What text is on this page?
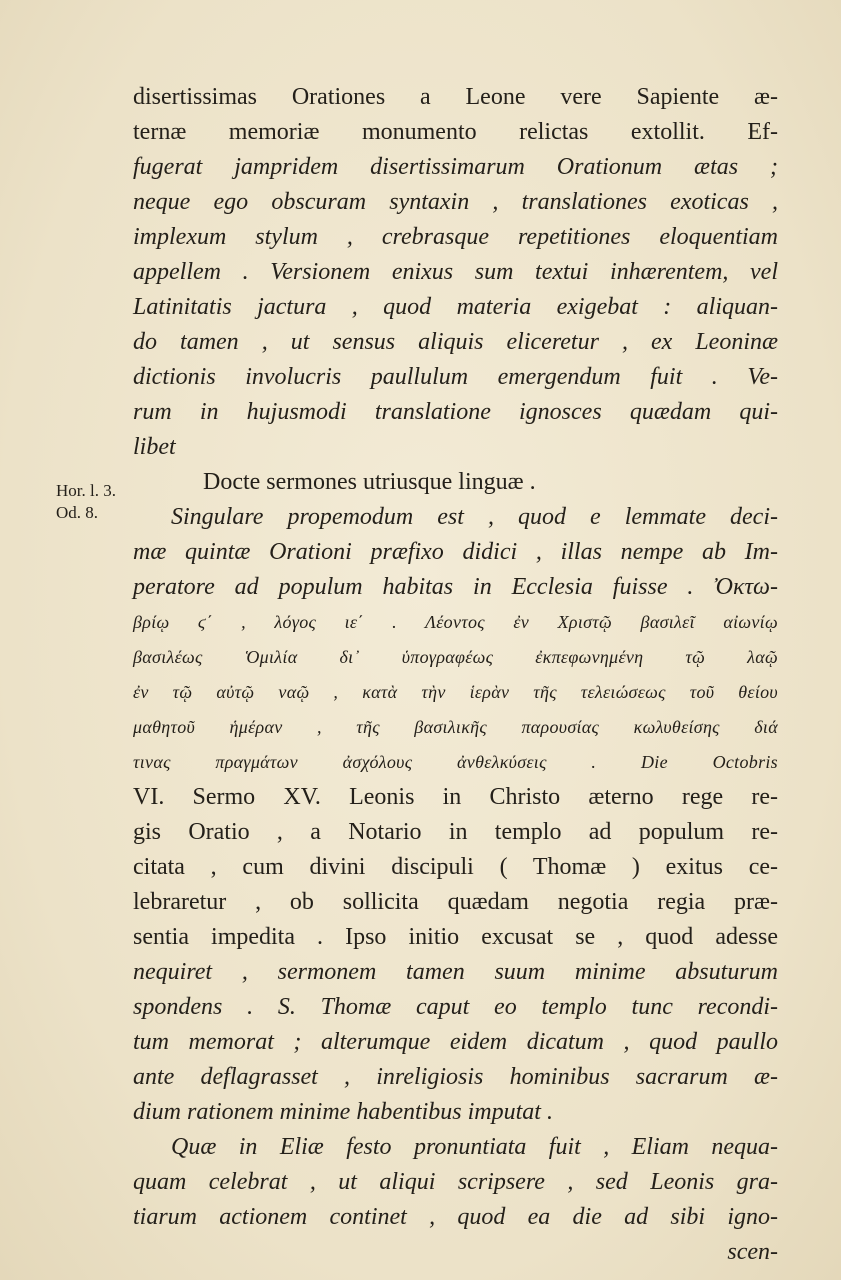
Hor. l. 3.
Od. 8.
disertissimas Orationes a Leone vere Sapiente æ-
ternæ memoriæ monumento relictas extollit. Ef-
fugerat jampridem disertissimarum Orationum ætas ;
neque ego obscuram syntaxin , translationes exoticas ,
implexum stylum , crebrasque repetitiones eloquentiam
appellem . Versionem enixus sum textui inhærentem, vel
Latinitatis jactura , quod materia exigebat : aliquan-
do tamen , ut sensus aliquis eliceretur , ex Leoninæ
dictionis involucris paullulum emergendum fuit . Ve-
rum in hujusmodi translatione ignosces quædam qui-
libet
Docte sermones utriusque linguæ .
Singulare propemodum est , quod e lemmate deci-
mæ quintæ Orationi præfixo didici , illas nempe ab Im-
peratore ad populum habitas in Ecclesia fuisse . Ὀκτω-
βρίῳ ϛ΄ , λόγος ιε΄ . Λέοντος ἐν Χριστῷ βασιλεῖ αἰωνίῳ
βασιλέως Ὁμιλία δι᾽ ὑπογραφέως ἐκπεφωνημένη τῷ λαῷ
ἐν τῷ αὐτῷ ναῷ , κατὰ τὴν ἱερὰν τῆς τελειώσεως τοῦ θείου
μαθητοῦ ἡμέραν , τῆς βασιλικῆς παρουσίας κωλυθείσης διά
τινας πραγμάτων ἀσχόλους ἀνθελκύσεις . Die Octobris
VI. Sermo XV. Leonis in Christo æterno rege re-
gis Oratio , a Notario in templo ad populum re-
citata , cum divini discipuli ( Thomæ ) exitus ce-
lebraretur , ob sollicita quædam negotia regia præ-
sentia impedita . Ipso initio excusat se , quod adesse
nequiret , sermonem tamen suum minime absuturum
spondens . S. Thomæ caput eo templo tunc recondi-
tum memorat ; alterumque eidem dicatum , quod paullo
ante deflagrasset , inreligiosis hominibus sacrarum æ-
dium rationem minime habentibus imputat .
Quæ in Eliæ festo pronuntiata fuit , Eliam nequa-
quam celebrat , ut aliqui scripsere , sed Leonis gra-
tiarum actionem continet , quod ea die ad sibi igno-
scen-
